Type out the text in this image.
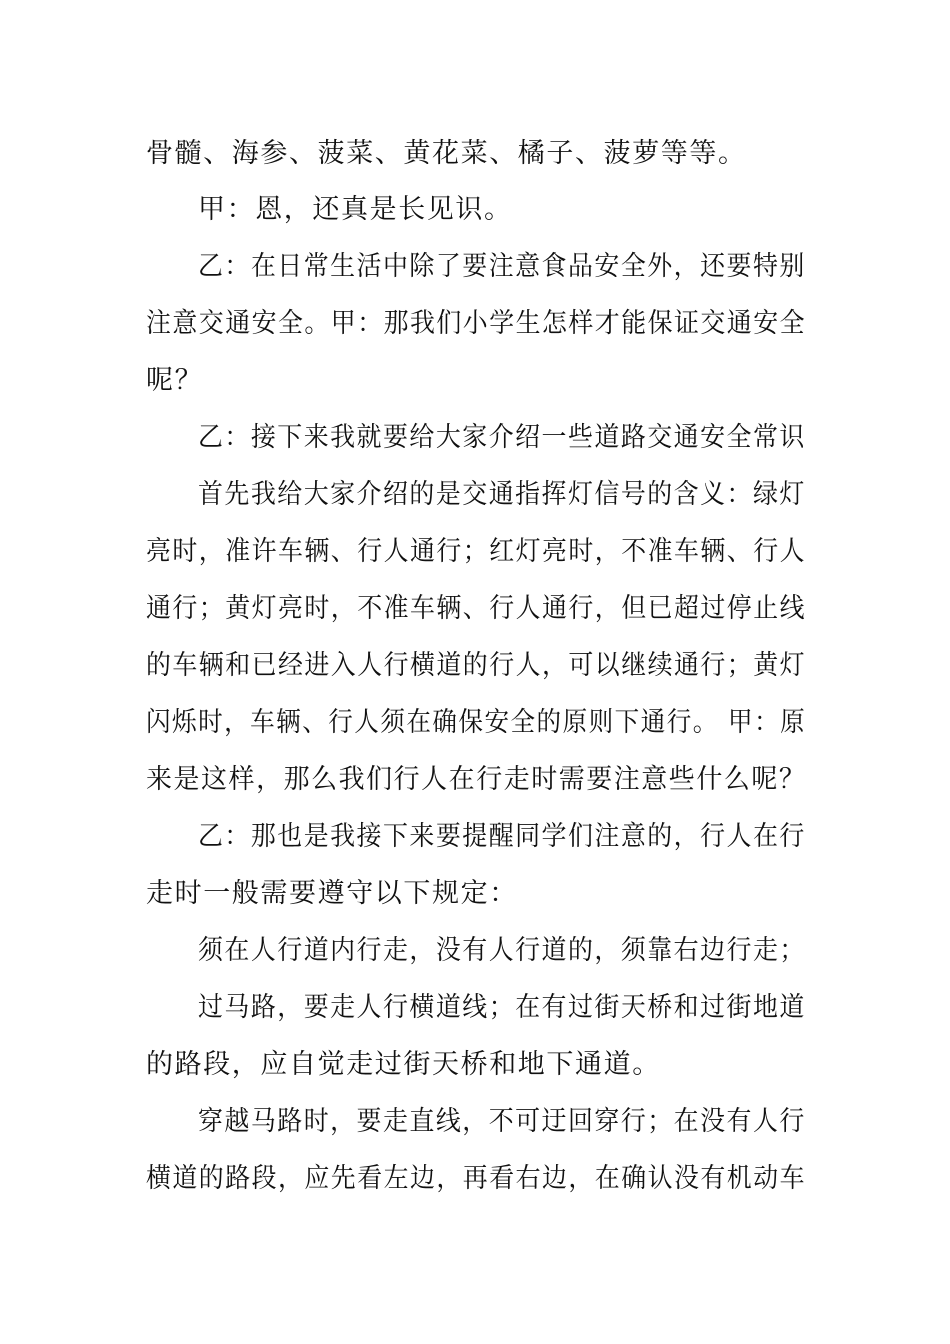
骨髓、海参、菠菜、黄花菜、橘子、菠萝等等。
甲：恩，还真是长见识。
乙：在日常生活中除了要注意食品安全外，还要特别
注意交通安全。甲：那我们小学生怎样才能保证交通安全
呢？
乙：接下来我就要给大家介绍一些道路交通安全常识
首先我给大家介绍的是交通指挥灯信号的含义：绿灯
亮时，准许车辆、行人通行；红灯亮时，不准车辆、行人
通行；黄灯亮时，不准车辆、行人通行，但已超过停止线
的车辆和已经进入人行横道的行人，可以继续通行；黄灯
闪烁时，车辆、行人须在确保安全的原则下通行。 甲：原
来是这样，那么我们行人在行走时需要注意些什么呢？
乙：那也是我接下来要提醒同学们注意的，行人在行
走时一般需要遵守以下规定：
须在人行道内行走，没有人行道的，须靠右边行走；
过马路，要走人行横道线；在有过街天桥和过街地道
的路段，应自觉走过街天桥和地下通道。
穿越马路时，要走直线，不可迂回穿行；在没有人行
横道的路段，应先看左边，再看右边，在确认没有机动车
